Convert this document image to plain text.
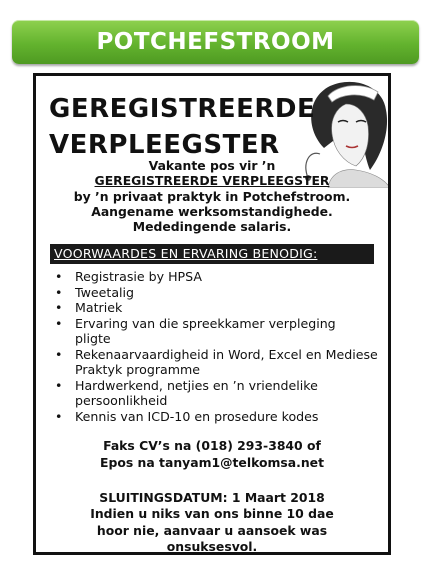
POTCHEFSTROOM
GEREGISTREERDE
VERPLEEGSTER
Vakante pos vir ’n
GEREGISTREERDE VERPLEEGSTER
by ’n privaat praktyk in Potchefstroom.
Aangename werksomstandighede.
Mededingende salaris.
VOORWAARDES EN ERVARING BENODIG:
• Registrasie by HPSA
• Tweetalig
• Matriek
• Ervaring van die spreekkamer verpleging pligte
• Rekenaarvaardigheid in Word, Excel en Mediese Praktyk programme
• Hardwerkend, netjies en ’n vriendelike persoonlikheid
• Kennis van ICD-10 en prosedure kodes
Faks CV’s na (018) 293-3840 of
Epos na tanyam1@telkomsa.net
SLUITINGSDATUM: 1 Maart 2018
Indien u niks van ons binne 10 dae
hoor nie, aanvaar u aansoek was
onsuksesvol.
